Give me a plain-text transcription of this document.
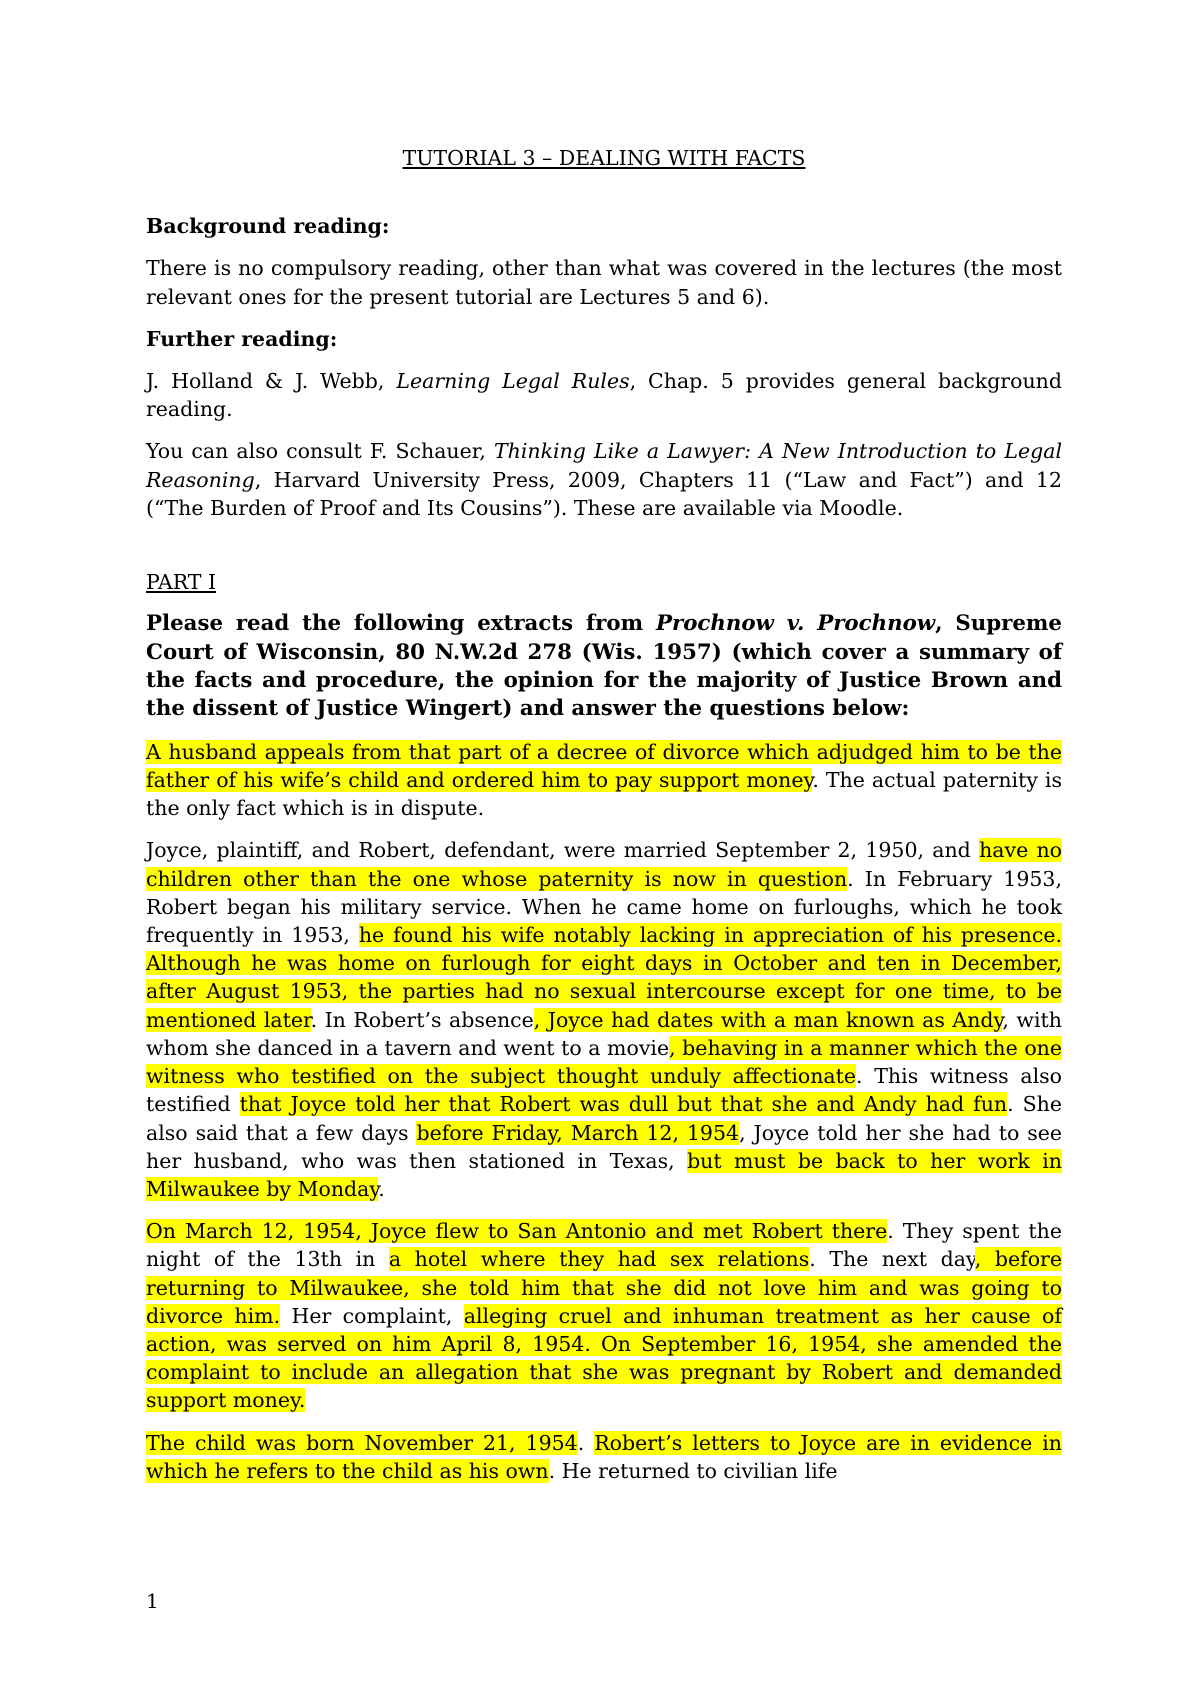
TUTORIAL 3 – DEALING WITH FACTS
Background reading:

There is no compulsory reading, other than what was covered in the lectures (the most relevant ones for the present tutorial are Lectures 5 and 6).

Further reading:

J. Holland & J. Webb, Learning Legal Rules, Chap. 5 provides general background reading.

You can also consult F. Schauer, Thinking Like a Lawyer: A New Introduction to Legal Reasoning, Harvard University Press, 2009, Chapters 11 (“Law and Fact”) and 12 (“The Burden of Proof and Its Cousins”). These are available via Moodle.

PART I

Please read the following extracts from Prochnow v. Prochnow, Supreme Court of Wisconsin, 80 N.W.2d 278 (Wis. 1957) (which cover a summary of the facts and procedure, the opinion for the majority of Justice Brown and the dissent of Justice Wingert) and answer the questions below:

A husband appeals from that part of a decree of divorce which adjudged him to be the father of his wife’s child and ordered him to pay support money. The actual paternity is the only fact which is in dispute.

Joyce, plaintiff, and Robert, defendant, were married September 2, 1950, and have no children other than the one whose paternity is now in question. In February 1953, Robert began his military service. When he came home on furloughs, which he took frequently in 1953, he found his wife notably lacking in appreciation of his presence. Although he was home on furlough for eight days in October and ten in December, after August 1953, the parties had no sexual intercourse except for one time, to be mentioned later. In Robert’s absence, Joyce had dates with a man known as Andy, with whom she danced in a tavern and went to a movie, behaving in a manner which the one witness who testified on the subject thought unduly affectionate. This witness also testified that Joyce told her that Robert was dull but that she and Andy had fun. She also said that a few days before Friday, March 12, 1954, Joyce told her she had to see her husband, who was then stationed in Texas, but must be back to her work in Milwaukee by Monday.

On March 12, 1954, Joyce flew to San Antonio and met Robert there. They spent the night of the 13th in a hotel where they had sex relations. The next day, before returning to Milwaukee, she told him that she did not love him and was going to divorce him. Her complaint, alleging cruel and inhuman treatment as her cause of action, was served on him April 8, 1954. On September 16, 1954, she amended the complaint to include an allegation that she was pregnant by Robert and demanded support money.

The child was born November 21, 1954. Robert’s letters to Joyce are in evidence in which he refers to the child as his own. He returned to civilian life

1
